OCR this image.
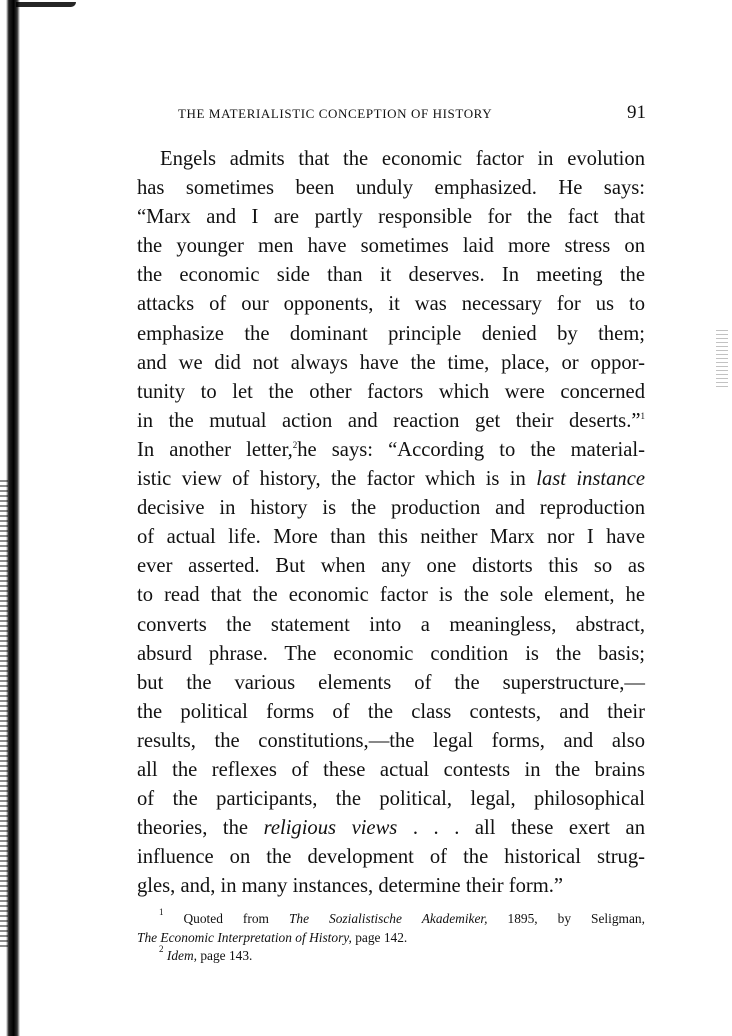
THE MATERIALISTIC CONCEPTION OF HISTORY	91
Engels admits that the economic factor in evolution
has sometimes been unduly emphasized. He says:
“Marx and I are partly responsible for the fact that
the younger men have sometimes laid more stress on
the economic side than it deserves. In meeting the
attacks of our opponents, it was necessary for us to
emphasize the dominant principle denied by them;
and we did not always have the time, place, or oppor-
tunity to let the other factors which were concerned
in the mutual action and reaction get their deserts.”$^1$
In another letter,$^2$he says: “According to the material-
istic view of history, the factor which is in last instance
decisive in history is the production and reproduction
of actual life. More than this neither Marx nor I have
ever asserted. But when any one distorts this so as
to read that the economic factor is the sole element, he
converts the statement into a meaningless, abstract,
absurd phrase. The economic condition is the basis;
but the various elements of the superstructure,—
the political forms of the class contests, and their
results, the constitutions,—the legal forms, and also
all the reflexes of these actual contests in the brains
of the participants, the political, legal, philosophical
theories, the religious views . . . all these exert an
influence on the development of the historical strug-
gles, and, in many instances, determine their form.”
$^1$ Quoted from The Sozialistische Akademiker, 1895, by Seligman,
The Economic Interpretation of History, page 142.
$^2$ Idem, page 143.
